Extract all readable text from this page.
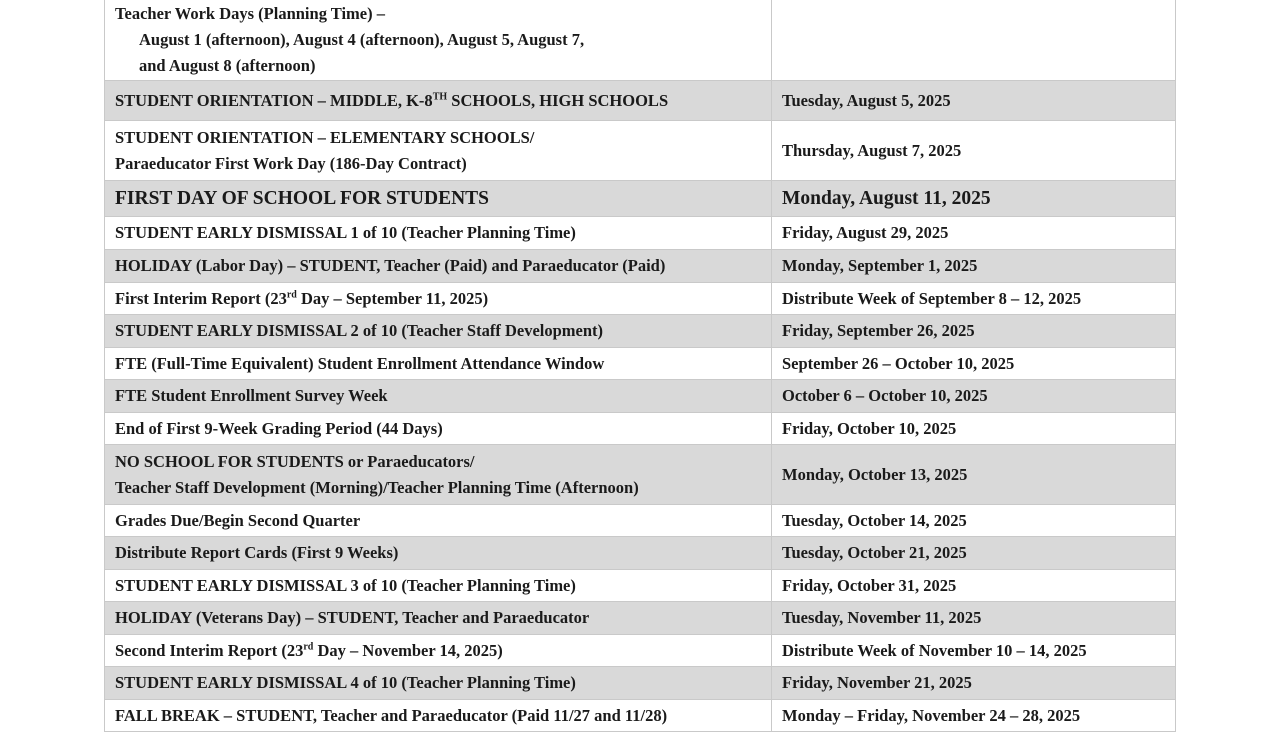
Teacher Work Days (Planning Time) –
August 1 (afternoon), August 4 (afternoon), August 5, August 7,
and August 8 (afternoon)	

STUDENT ORIENTATION – MIDDLE, K-8TH SCHOOLS, HIGH SCHOOLS	Tuesday, August 5, 2025

STUDENT ORIENTATION – ELEMENTARY SCHOOLS/
Paraeducator First Work Day (186-Day Contract)	Thursday, August 7, 2025

FIRST DAY OF SCHOOL FOR STUDENTS	Monday, August 11, 2025

STUDENT EARLY DISMISSAL 1 of 10 (Teacher Planning Time)	Friday, August 29, 2025

HOLIDAY (Labor Day) – STUDENT, Teacher (Paid) and Paraeducator (Paid)	Monday, September 1, 2025

First Interim Report (23rd Day – September 11, 2025)	Distribute Week of September 8 – 12, 2025

STUDENT EARLY DISMISSAL 2 of 10 (Teacher Staff Development)	Friday, September 26, 2025

FTE (Full-Time Equivalent) Student Enrollment Attendance Window	September 26 – October 10, 2025

FTE Student Enrollment Survey Week	October 6 – October 10, 2025

End of First 9-Week Grading Period (44 Days)	Friday, October 10, 2025

NO SCHOOL FOR STUDENTS or Paraeducators/
Teacher Staff Development (Morning)/Teacher Planning Time (Afternoon)	Monday, October 13, 2025

Grades Due/Begin Second Quarter	Tuesday, October 14, 2025

Distribute Report Cards (First 9 Weeks)	Tuesday, October 21, 2025

STUDENT EARLY DISMISSAL 3 of 10 (Teacher Planning Time)	Friday, October 31, 2025

HOLIDAY (Veterans Day) – STUDENT, Teacher and Paraeducator	Tuesday, November 11, 2025

Second Interim Report (23rd Day – November 14, 2025)	Distribute Week of November 10 – 14, 2025

STUDENT EARLY DISMISSAL 4 of 10 (Teacher Planning Time)	Friday, November 21, 2025

FALL BREAK – STUDENT, Teacher and Paraeducator (Paid 11/27 and 11/28)	Monday – Friday, November 24 – 28, 2025
